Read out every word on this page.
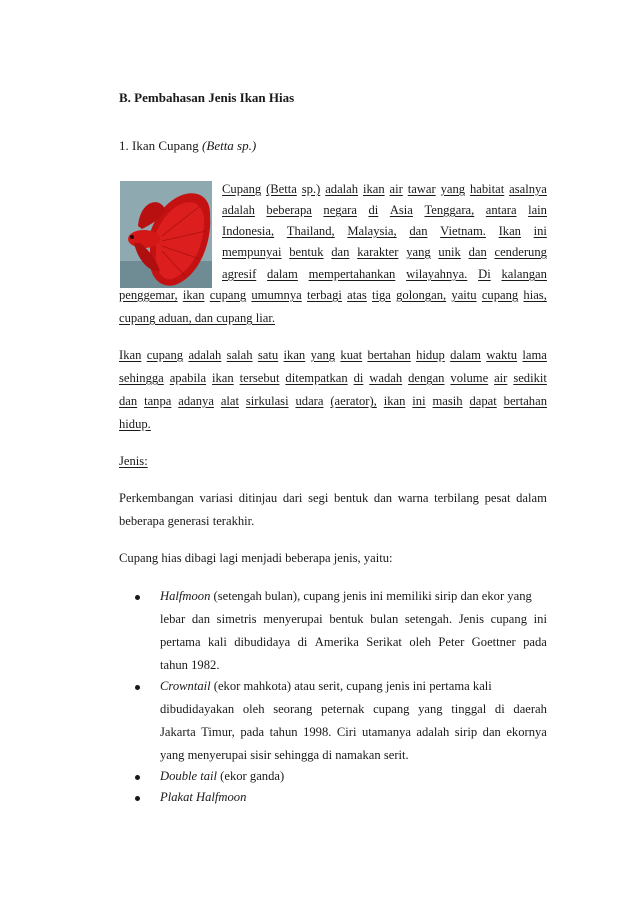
B. Pembahasan Jenis Ikan Hias
1. Ikan Cupang (Betta sp.)
Cupang (Betta sp.) adalah ikan air tawar yang habitat asalnya
adalah beberapa negara di Asia Tenggara, antara lain
Indonesia, Thailand, Malaysia, dan Vietnam. Ikan ini
mempunyai bentuk dan karakter yang unik dan cenderung
agresif dalam mempertahankan wilayahnya. Di kalangan
penggemar, ikan cupang umumnya terbagi atas tiga golongan, yaitu cupang hias,
cupang aduan, dan cupang liar.
Ikan cupang adalah salah satu ikan yang kuat bertahan hidup dalam waktu lama
sehingga apabila ikan tersebut ditempatkan di wadah dengan volume air sedikit
dan tanpa adanya alat sirkulasi udara (aerator), ikan ini masih dapat bertahan
hidup.
Jenis:
Perkembangan variasi ditinjau dari segi bentuk dan warna terbilang pesat dalam
beberapa generasi terakhir.
Cupang hias dibagi lagi menjadi beberapa jenis, yaitu:
Halfmoon (setengah bulan), cupang jenis ini memiliki sirip dan ekor yang
lebar dan simetris menyerupai bentuk bulan setengah. Jenis cupang ini
pertama kali dibudidaya di Amerika Serikat oleh Peter Goettner pada
tahun 1982.
Crowntail (ekor mahkota) atau serit, cupang jenis ini pertama kali
dibudidayakan oleh seorang peternak cupang yang tinggal di daerah
Jakarta Timur, pada tahun 1998. Ciri utamanya adalah sirip dan ekornya
yang menyerupai sisir sehingga di namakan serit.
Double tail (ekor ganda)
Plakat Halfmoon
